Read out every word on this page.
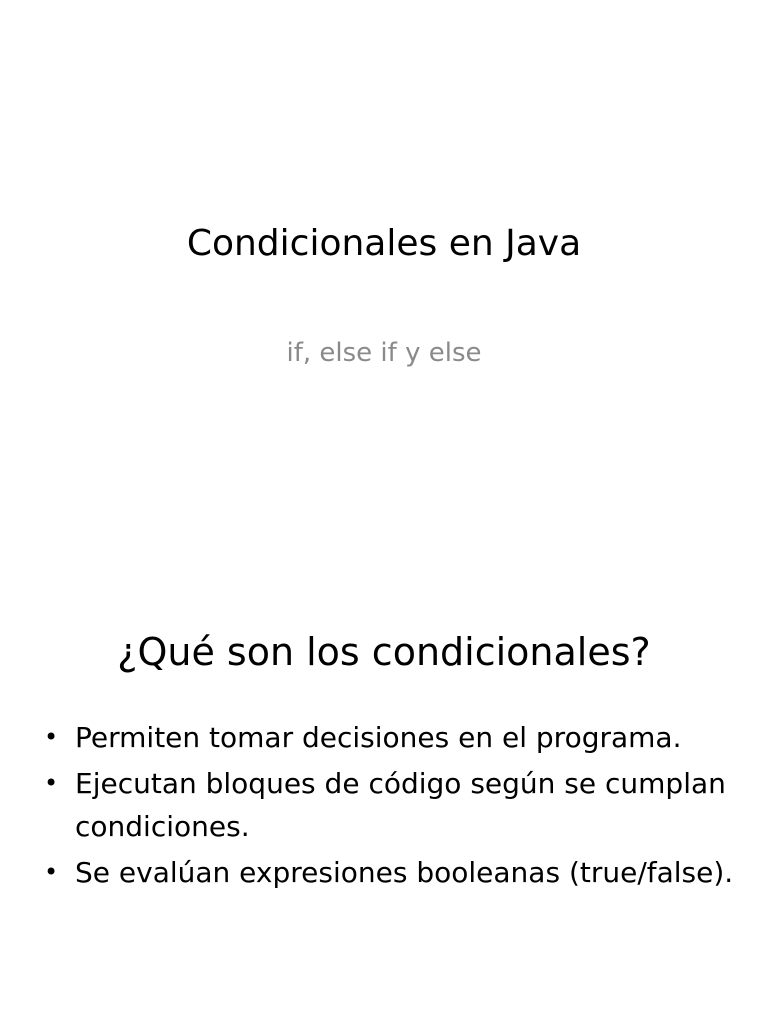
Condicionales en Java

if, else if y else

¿Qué son los condicionales?
• Permiten tomar decisiones en el programa.
• Ejecutan bloques de código según se cumplan condiciones.
• Se evalúan expresiones booleanas (true/false).
